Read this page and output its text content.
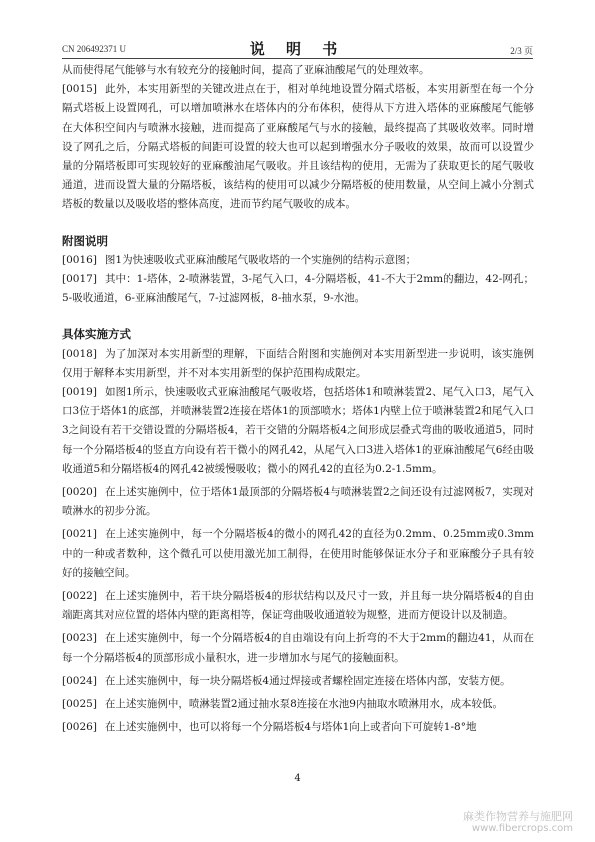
CN 206492371 U	说 明 书	2/3 页

从而使得尾气能够与水有较充分的接触时间，提高了亚麻油酸尾气的处理效率。

[0015] 此外，本实用新型的关键改进点在于，相对单纯地设置分隔式塔板，本实用新型在每一个分隔式塔板上设置网孔，可以增加喷淋水在塔体内的分布体积，使得从下方进入塔体的亚麻酸尾气能够在大体积空间内与喷淋水接触，进而提高了亚麻酸尾气与水的接触，最终提高了其吸收效率。同时增设了网孔之后，分隔式塔板的间距可设置的较大也可以起到增强水分子吸收的效果，故而可以设置少量的分隔塔板即可实现较好的亚麻酸油尾气吸收。并且该结构的使用，无需为了获取更长的尾气吸收通道，进而设置大量的分隔塔板，该结构的使用可以减少分隔塔板的使用数量，从空间上减小分割式塔板的数量以及吸收塔的整体高度，进而节约尾气吸收的成本。

附图说明

[0016] 图1为快速吸收式亚麻油酸尾气吸收塔的一个实施例的结构示意图；

[0017] 其中：1-塔体，2-喷淋装置，3-尾气入口，4-分隔塔板，41-不大于2mm的翻边，42-网孔；5-吸收通道，6-亚麻油酸尾气，7-过滤网板，8-抽水泵，9-水池。

具体实施方式

[0018] 为了加深对本实用新型的理解，下面结合附图和实施例对本实用新型进一步说明，该实施例仅用于解释本实用新型，并不对本实用新型的保护范围构成限定。

[0019] 如图1所示，快速吸收式亚麻油酸尾气吸收塔，包括塔体1和喷淋装置2、尾气入口3，尾气入口3位于塔体1的底部，并喷淋装置2连接在塔体1的顶部喷水；塔体1内壁上位于喷淋装置2和尾气入口3之间设有若干交错设置的分隔塔板4，若干交错的分隔塔板4之间形成层叠式弯曲的吸收通道5，同时每一个分隔塔板4的竖直方向设有若干微小的网孔42，从尾气入口3进入塔体1的亚麻油酸尾气6经由吸收通道5和分隔塔板4的网孔42被缓慢吸收；微小的网孔42的直径为0.2-1.5mm。

[0020] 在上述实施例中，位于塔体1最顶部的分隔塔板4与喷淋装置2之间还设有过滤网板7，实现对喷淋水的初步分流。

[0021] 在上述实施例中，每一个分隔塔板4的微小的网孔42的直径为0.2mm、0.25mm或0.3mm中的一种或者数种，这个微孔可以使用激光加工制得，在使用时能够保证水分子和亚麻酸分子具有较好的接触空间。

[0022] 在上述实施例中，若干块分隔塔板4的形状结构以及尺寸一致，并且每一块分隔塔板4的自由端距离其对应位置的塔体内壁的距离相等，保证弯曲吸收通道较为规整，进而方便设计以及制造。

[0023] 在上述实施例中，每一个分隔塔板4的自由端设有向上折弯的不大于2mm的翻边41，从而在每一个分隔塔板4的顶部形成小量积水，进一步增加水与尾气的接触面积。

[0024] 在上述实施例中，每一块分隔塔板4通过焊接或者螺栓固定连接在塔体内部，安装方便。

[0025] 在上述实施例中，喷淋装置2通过抽水泵8连接在水池9内抽取水喷淋用水，成本较低。

[0026] 在上述实施例中，也可以将每一个分隔塔板4与塔体1向上或者向下可旋转1-8°地

4
麻类作物营养与施肥网
www.fibercrops.com
